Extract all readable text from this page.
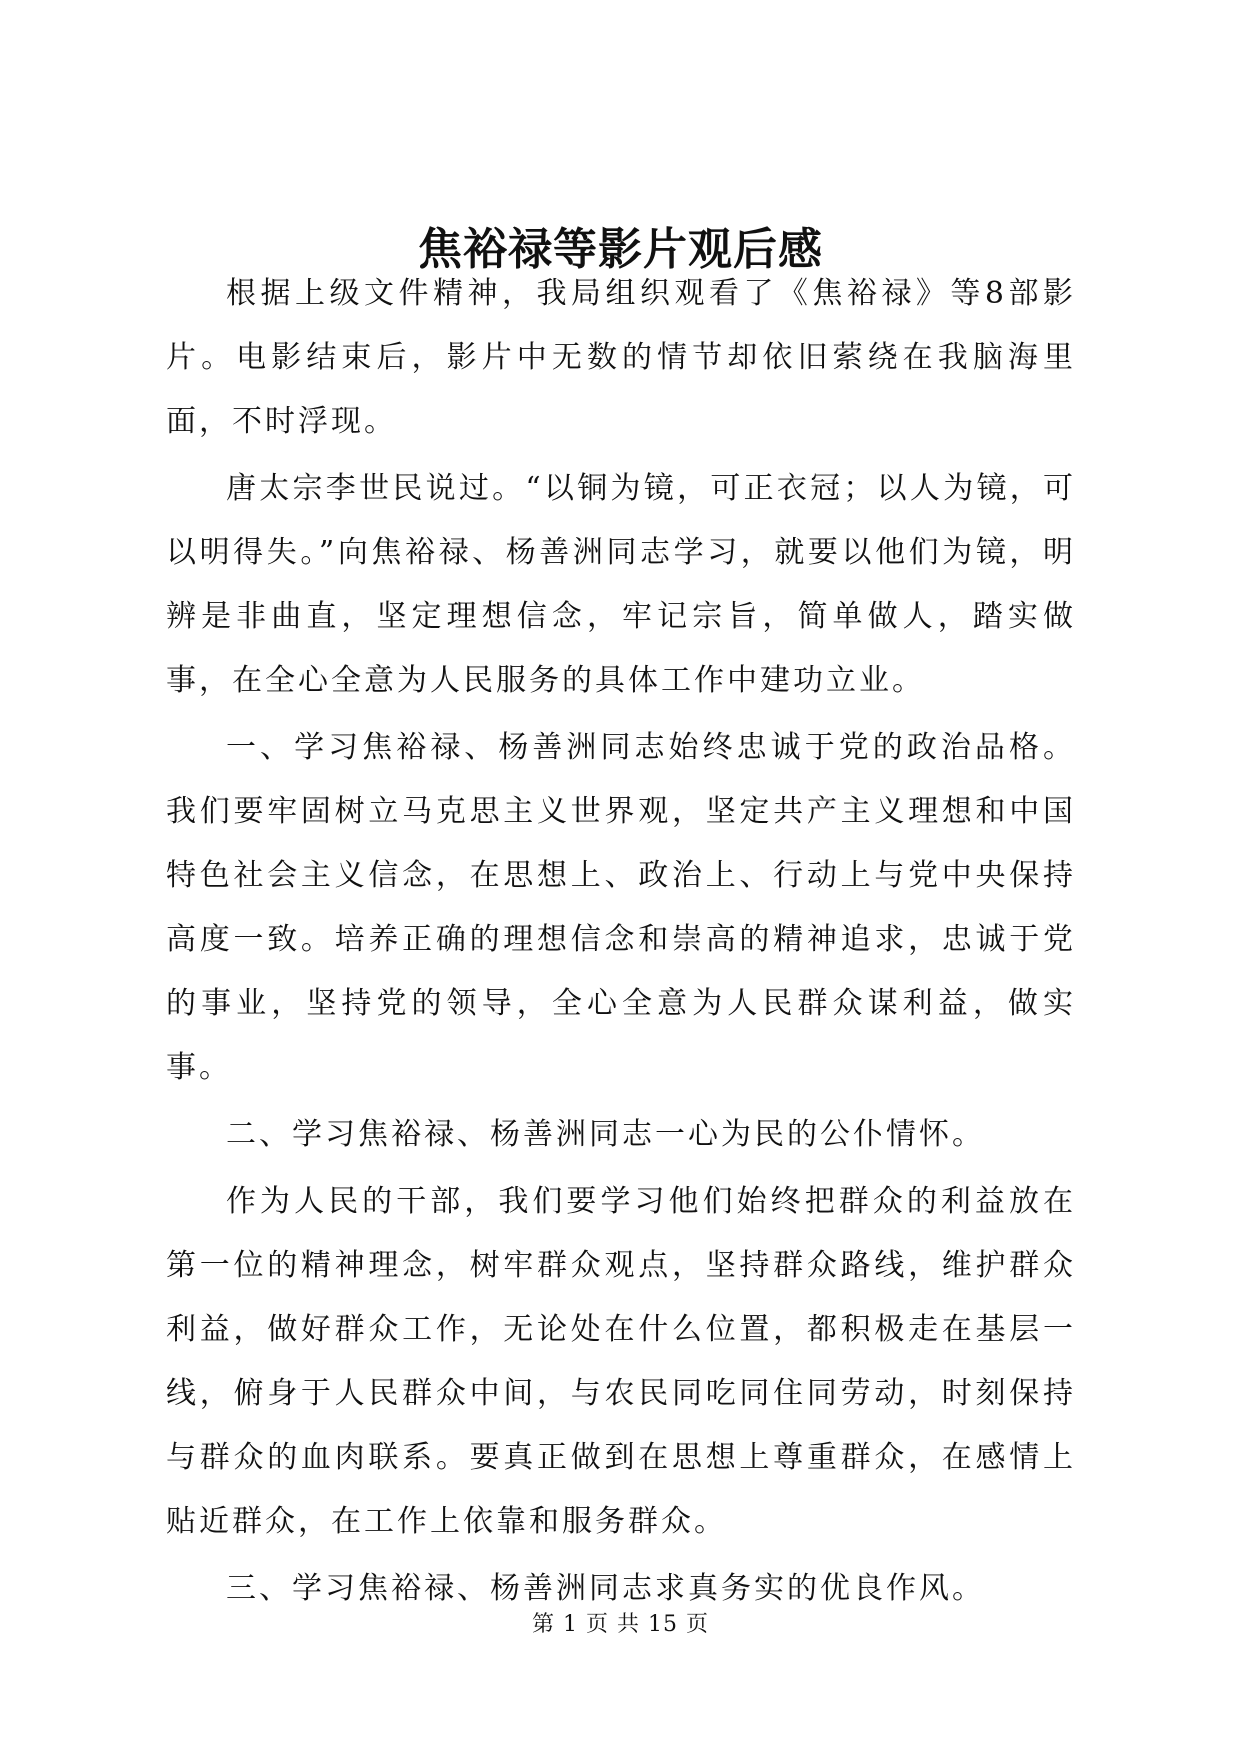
焦裕禄等影片观后感

根据上级文件精神，我局组织观看了《焦裕禄》等8部影片。电影结束后，影片中无数的情节却依旧萦绕在我脑海里面，不时浮现。

唐太宗李世民说过。“以铜为镜，可正衣冠；以人为镜，可以明得失。”向焦裕禄、杨善洲同志学习，就要以他们为镜，明辨是非曲直，坚定理想信念，牢记宗旨，简单做人，踏实做事，在全心全意为人民服务的具体工作中建功立业。

一、学习焦裕禄、杨善洲同志始终忠诚于党的政治品格。我们要牢固树立马克思主义世界观，坚定共产主义理想和中国特色社会主义信念，在思想上、政治上、行动上与党中央保持高度一致。培养正确的理想信念和崇高的精神追求，忠诚于党的事业，坚持党的领导，全心全意为人民群众谋利益，做实事。

二、学习焦裕禄、杨善洲同志一心为民的公仆情怀。

作为人民的干部，我们要学习他们始终把群众的利益放在第一位的精神理念，树牢群众观点，坚持群众路线，维护群众利益，做好群众工作，无论处在什么位置，都积极走在基层一线，俯身于人民群众中间，与农民同吃同住同劳动，时刻保持与群众的血肉联系。要真正做到在思想上尊重群众，在感情上贴近群众，在工作上依靠和服务群众。

三、学习焦裕禄、杨善洲同志求真务实的优良作风。

第 1 页 共 15 页
